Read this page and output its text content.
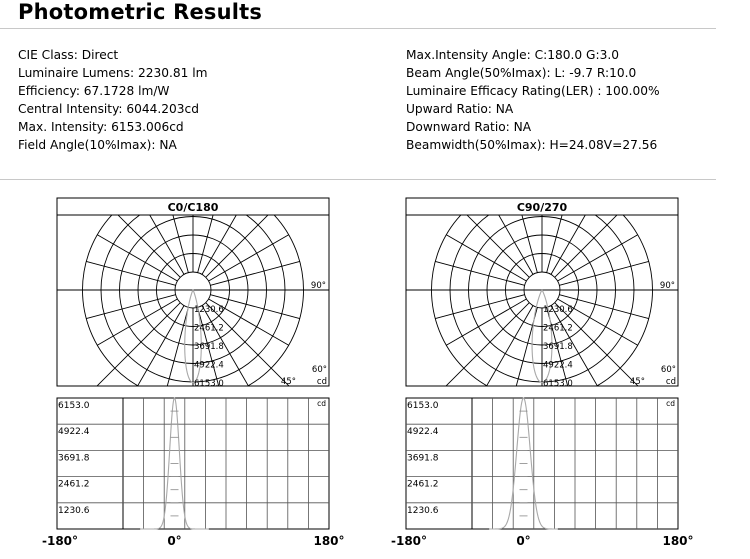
Photometric Results
CIE Class: Direct
Luminaire Lumens: 2230.81 lm
Efficiency: 67.1728 lm/W
Central Intensity: 6044.203cd
Max. Intensity: 6153.006cd
Field Angle(10%Imax): NA
Max.Intensity Angle: C:180.0 G:3.0
Beam Angle(50%Imax): L: -9.7 R:10.0
Luminaire Efficacy Rating(LER) : 100.00%
Upward Ratio: NA
Downward Ratio: NA
Beamwidth(50%Imax): H=24.08V=27.56
C0/C180
1230.6
2461.2
3691.8
4922.4
6153.0
90°
60°
45° cd
C90/270
1230.6
2461.2
3691.8
4922.4
6153.0
90°
60°
45° cd
6153.0
4922.4
3691.8
2461.2
1230.6
cd
-180°	0°	180°
6153.0
4922.4
3691.8
2461.2
1230.6
cd
-180°	0°	180°
